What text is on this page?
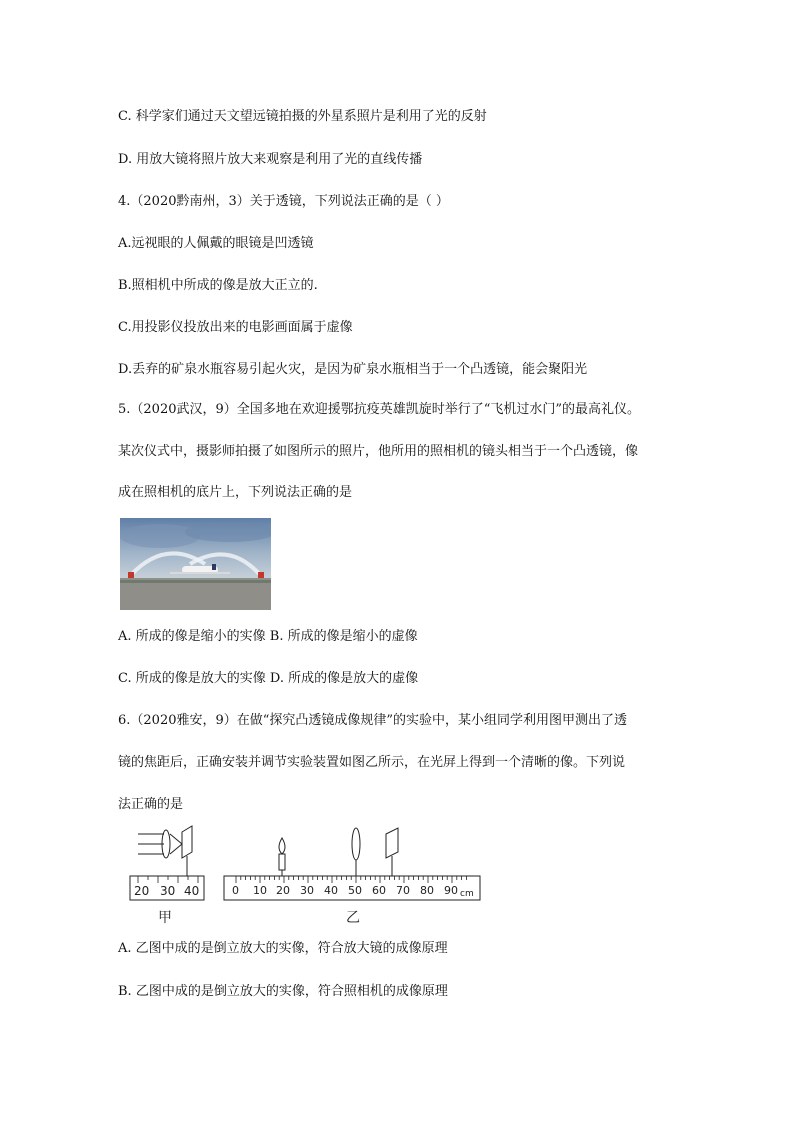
C. 科学家们通过天文望远镜拍摄的外星系照片是利用了光的反射
D. 用放大镜将照片放大来观察是利用了光的直线传播
4.（2020黔南州，3）关于透镜，下列说法正确的是（ ）
A.远视眼的人佩戴的眼镜是凹透镜
B.照相机中所成的像是放大正立的.
C.用投影仪投放出来的电影画面属于虚像
D.丢弃的矿泉水瓶容易引起火灾，是因为矿泉水瓶相当于一个凸透镜，能会聚阳光
5.（2020武汉，9）全国多地在欢迎援鄂抗疫英雄凯旋时举行了“飞机过水门”的最高礼仪。
某次仪式中，摄影师拍摄了如图所示的照片，他所用的照相机的镜头相当于一个凸透镜，像
成在照相机的底片上，下列说法正确的是
A. 所成的像是缩小的实像 B. 所成的像是缩小的虚像
C. 所成的像是放大的实像 D. 所成的像是放大的虚像
6.（2020雅安，9）在做“探究凸透镜成像规律”的实验中，某小组同学利用图甲测出了透
镜的焦距后，正确安装并调节实验装置如图乙所示，在光屏上得到一个清晰的像。下列说
法正确的是
20 30 40
甲
0 10 20 30 40 50 60 70 80 90 cm
乙
A. 乙图中成的是倒立放大的实像，符合放大镜的成像原理
B. 乙图中成的是倒立放大的实像，符合照相机的成像原理
